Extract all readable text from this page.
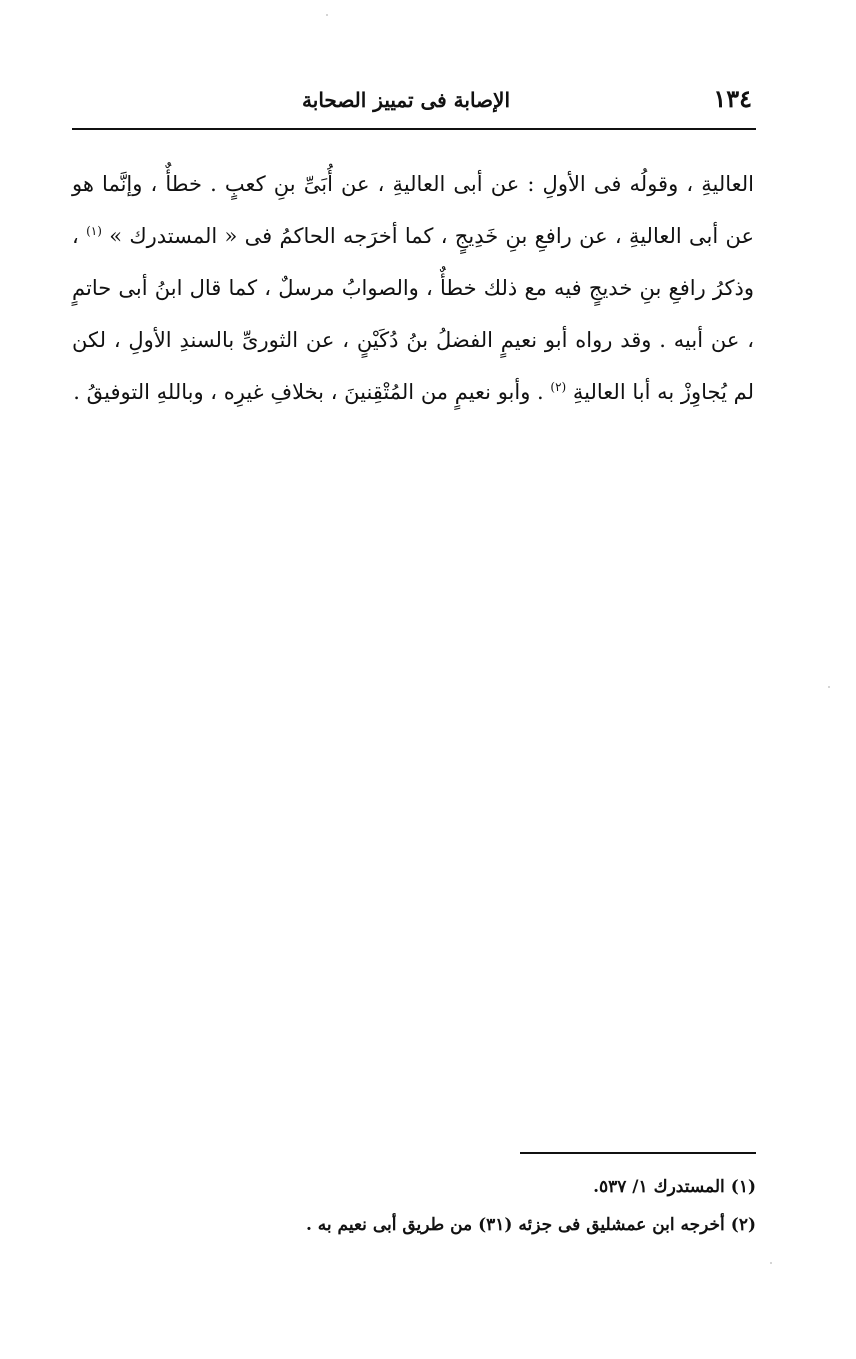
١٣٤
الإصابة فى تمييز الصحابة

العاليةِ ، وقولُه فى الأولِ : عن أبى العاليةِ ، عن أُبَىِّ بنِ كعبٍ . خطأٌ ، وإنَّما هو عن أبى العاليةِ ، عن رافعِ بنِ خَدِيجٍ ، كما أخرَجه الحاكمُ فى « المستدرك » $^{(١)}$ ، وذكرُ رافعِ بنِ خديجٍ فيه مع ذلك خطأٌ ، والصوابُ مرسلٌ ، كما قال ابنُ أبى حاتمٍ ، عن أبيه . وقد رواه أبو نعيمٍ الفضلُ بنُ دُكَيْنٍ ، عن الثورىِّ بالسندِ الأولِ ، لكن لم يُجاوِزْ به أبا العاليةِ $^{(٢)}$ . وأبو نعيمٍ من المُتْقِنينَ ، بخلافِ غيرِه ، وباللهِ التوفيقُ .

(١)المستدرك ١/ ٥٣٧.

(٢)أخرجه ابن عمشليق فى جزئه (٣١) من طريق أبى نعيم به .
